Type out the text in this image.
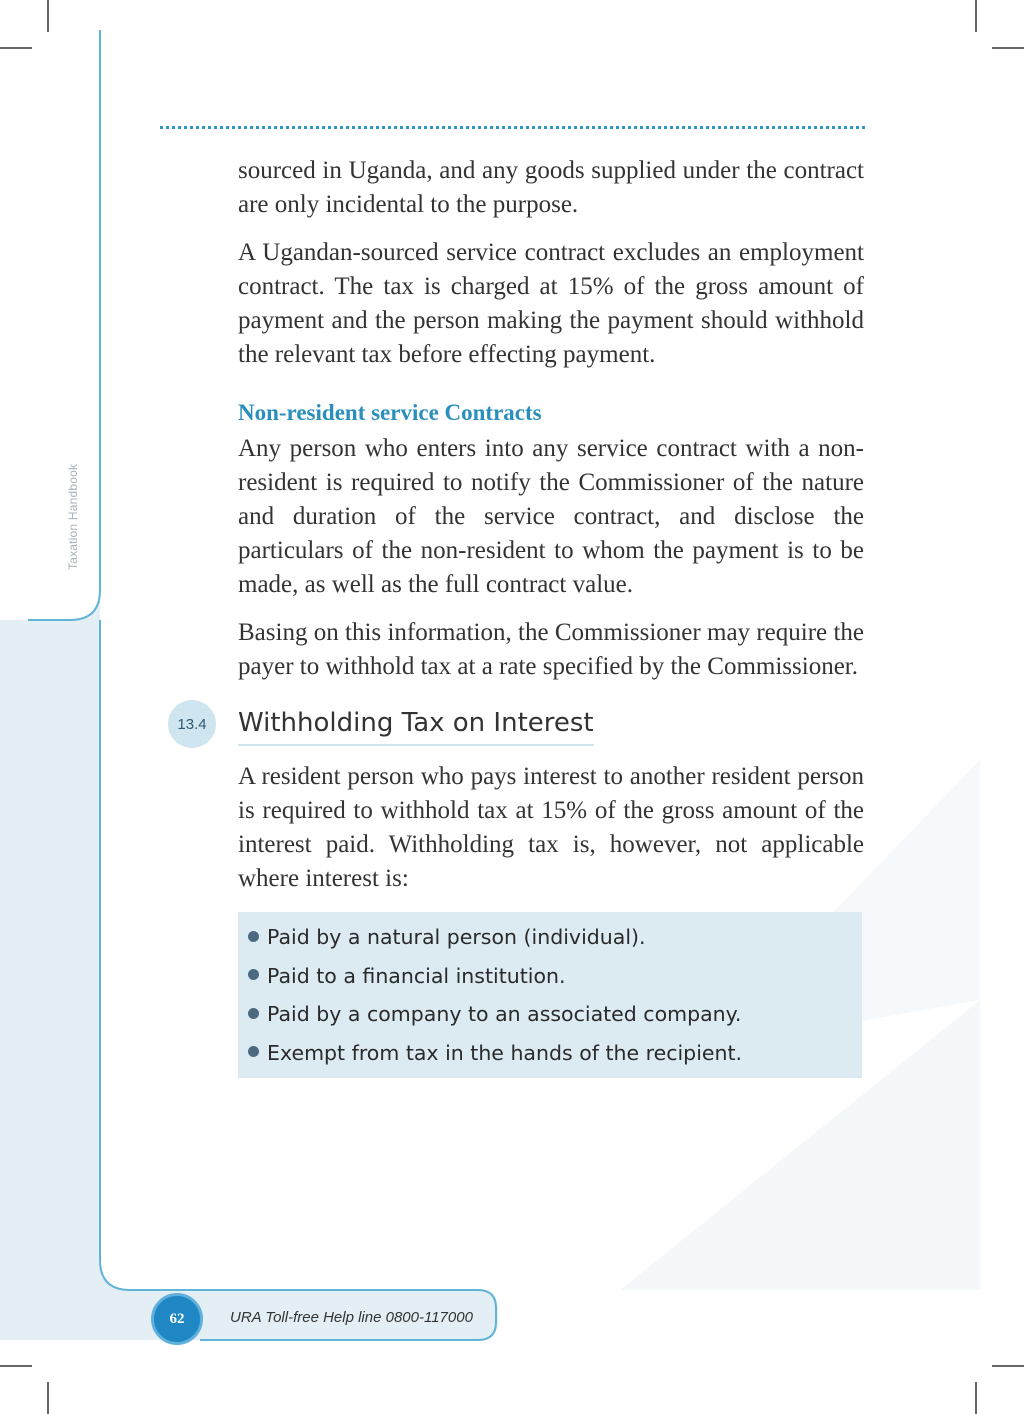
Taxation Handbook

sourced in Uganda, and any goods supplied under the contract are only incidental to the purpose.

A Ugandan-sourced service contract excludes an employment contract. The tax is charged at 15% of the gross amount of payment and the person making the payment should withhold the relevant tax before effecting payment.

Non-resident service Contracts

Any person who enters into any service contract with a non-resident is required to notify the Commissioner of the nature and duration of the service contract, and disclose the particulars of the non-resident to whom the payment is to be made, as well as the full contract value.

Basing on this information, the Commissioner may require the payer to withhold tax at a rate specified by the Commissioner.

13.4	Withholding Tax on Interest

A resident person who pays interest to another resident person is required to withhold tax at 15% of the gross amount of the interest paid. Withholding tax is, however, not applicable where interest is:

Paid by a natural person (individual).
Paid to a financial institution.
Paid by a company to an associated company.
Exempt from tax in the hands of the recipient.
62	URA Toll-free Help line 0800-117000
